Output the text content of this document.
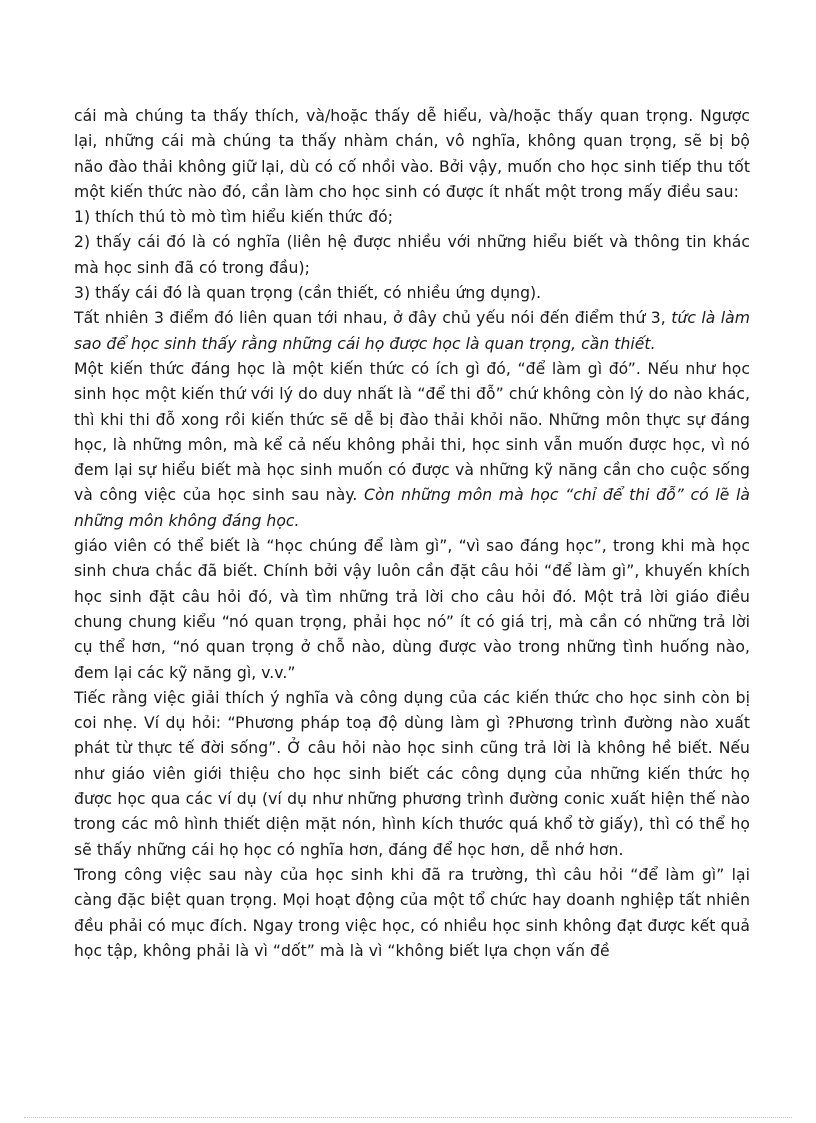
cái mà chúng ta thấy thích, và/hoặc thấy dễ hiểu, và/hoặc thấy quan trọng. Ngược lại, những cái mà chúng ta thấy nhàm chán, vô nghĩa, không quan trọng, sẽ bị bộ não đào thải không giữ lại, dù có cố nhồi vào. Bởi vậy, muốn cho học sinh tiếp thu tốt một kiến thức nào đó, cần làm cho học sinh có được ít nhất một trong mấy điều sau:

1) thích thú tò mò tìm hiểu kiến thức đó;

2) thấy cái đó là có nghĩa (liên hệ được nhiều với những hiểu biết và thông tin khác mà học sinh đã có trong đầu);

3) thấy cái đó là quan trọng (cần thiết, có nhiều ứng dụng).

Tất nhiên 3 điểm đó liên quan tới nhau, ở đây chủ yếu nói đến điểm thứ 3, tức là làm sao để học sinh thấy rằng những cái họ được học là quan trọng, cần thiết.

Một kiến thức đáng học là một kiến thức có ích gì đó, “để làm gì đó”. Nếu như học sinh học một kiến thứ với lý do duy nhất là “để thi đỗ” chứ không còn lý do nào khác, thì khi thi đỗ xong rồi kiến thức sẽ dễ bị đào thải khỏi não. Những môn thực sự đáng học, là những môn, mà kể cả nếu không phải thi, học sinh vẫn muốn được học, vì nó đem lại sự hiểu biết mà học sinh muốn có được và những kỹ năng cần cho cuộc sống và công việc của học sinh sau này. Còn những môn mà học “chỉ để thi đỗ” có lẽ là những môn không đáng học.

giáo viên có thể biết là “học chúng để làm gì”, “vì sao đáng học”, trong khi mà học sinh chưa chắc đã biết. Chính bởi vậy luôn cần đặt câu hỏi “để làm gì”, khuyến khích học sinh đặt câu hỏi đó, và tìm những trả lời cho câu hỏi đó. Một trả lời giáo điều chung chung kiểu “nó quan trọng, phải học nó” ít có giá trị, mà cần có những trả lời cụ thể hơn, “nó quan trọng ở chỗ nào, dùng được vào trong những tình huống nào, đem lại các kỹ năng gì, v.v.”

Tiếc rằng việc giải thích ý nghĩa và công dụng của các kiến thức cho học sinh còn bị coi nhẹ. Ví dụ hỏi: “Phương pháp toạ độ dùng làm gì ?Phương trình đường nào xuất phát từ thực tế đời sống”. Ở câu hỏi nào học sinh cũng trả lời là không hề biết. Nếu như giáo viên giới thiệu cho học sinh biết các công dụng của những kiến thức họ được học qua các ví dụ (ví dụ như những phương trình đường conic xuất hiện thế nào trong các mô hình thiết diện mặt nón, hình kích thước quá khổ tờ giấy), thì có thể họ sẽ thấy những cái họ học có nghĩa hơn, đáng để học hơn, dễ nhớ hơn.

Trong công việc sau này của học sinh khi đã ra trường, thì câu hỏi “để làm gì” lại càng đặc biệt quan trọng. Mọi hoạt động của một tổ chức hay doanh nghiệp tất nhiên đều phải có mục đích. Ngay trong việc học, có nhiều học sinh không đạt được kết quả học tập, không phải là vì “dốt” mà là vì “không biết lựa chọn vấn đề
